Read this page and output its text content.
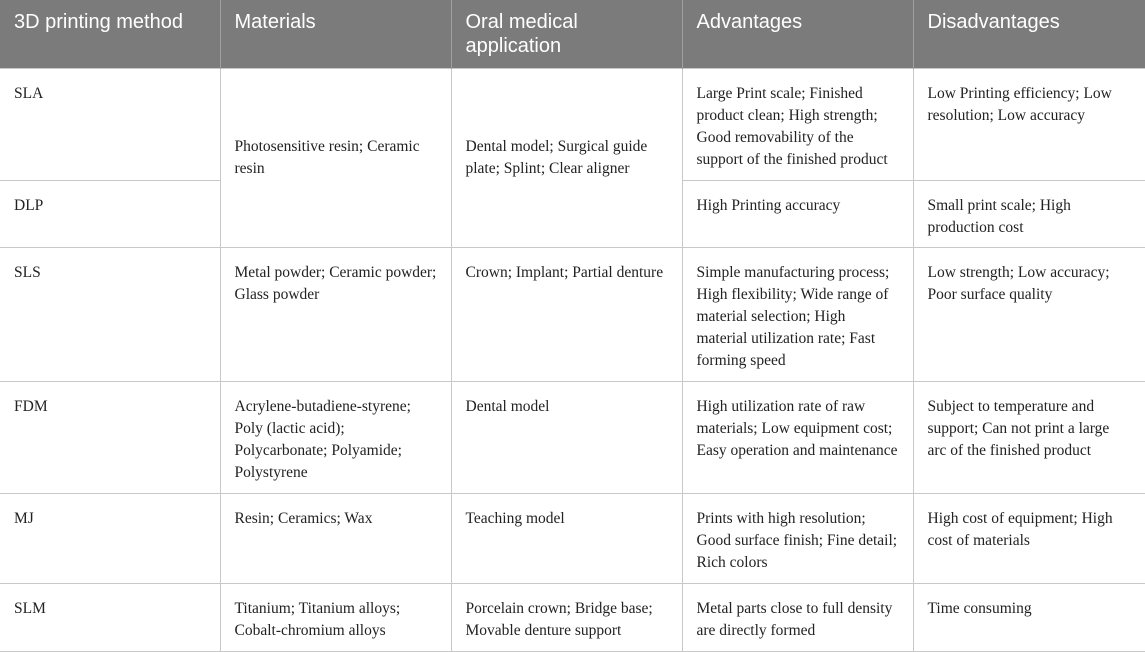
3D printing method	Materials	Oral medical application	Advantages	Disadvantages
SLA	Photosensitive resin; Ceramic resin	Dental model; Surgical guide plate; Splint; Clear aligner	Large Print scale; Finished product clean; High strength; Good removability of the support of the finished product	Low Printing efficiency; Low resolution; Low accuracy
DLP			High Printing accuracy	Small print scale; High production cost
SLS	Metal powder; Ceramic powder; Glass powder	Crown; Implant; Partial denture	Simple manufacturing process; High flexibility; Wide range of material selection; High material utilization rate; Fast forming speed	Low strength; Low accuracy; Poor surface quality
FDM	Acrylene-butadiene-styrene; Poly (lactic acid); Polycarbonate; Polyamide; Polystyrene	Dental model	High utilization rate of raw materials; Low equipment cost; Easy operation and maintenance	Subject to temperature and support; Can not print a large arc of the finished product
MJ	Resin; Ceramics; Wax	Teaching model	Prints with high resolution; Good surface finish; Fine detail; Rich colors	High cost of equipment; High cost of materials
SLM	Titanium; Titanium alloys; Cobalt-chromium alloys	Porcelain crown; Bridge base; Movable denture support	Metal parts close to full density are directly formed	Time consuming
